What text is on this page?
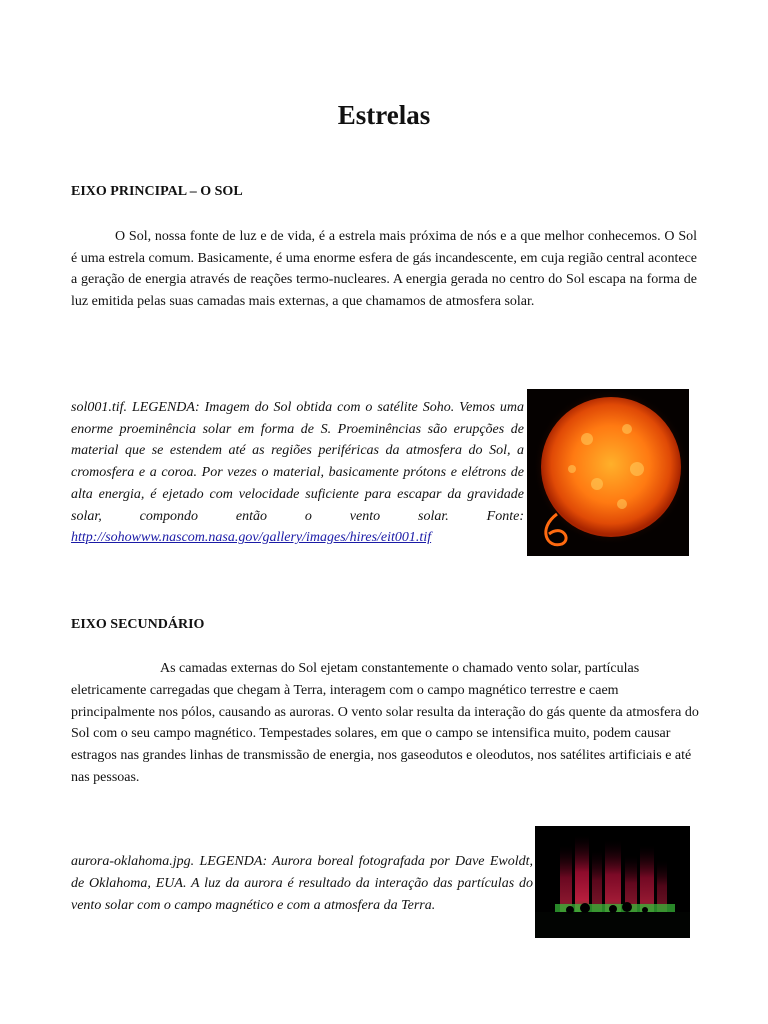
Estrelas
EIXO PRINCIPAL – O SOL

O Sol, nossa fonte de luz e de vida, é a estrela mais próxima de nós e a que melhor conhecemos. O Sol é uma estrela comum. Basicamente, é uma enorme esfera de gás incandescente, em cuja região central acontece a geração de energia através de reações termo-nucleares. A energia gerada no centro do Sol escapa na forma de luz emitida pelas suas camadas mais externas, a que chamamos de atmosfera solar.

sol001.tif. LEGENDA: Imagem do Sol obtida com o satélite Soho. Vemos uma enorme proeminência solar em forma de S. Proeminências são erupções de material que se estendem até as regiões periféricas da atmosfera do Sol, a cromosfera e a coroa. Por vezes o material, basicamente prótons e elétrons de alta energia, é ejetado com velocidade suficiente para escapar da gravidade solar, compondo então o vento solar. Fonte: http://sohowww.nascom.nasa.gov/gallery/images/hires/eit001.tif

EIXO SECUNDÁRIO

As camadas externas do Sol ejetam constantemente o chamado vento solar, partículas eletricamente carregadas que chegam à Terra, interagem com o campo magnético terrestre e caem principalmente nos pólos, causando as auroras. O vento solar resulta da interação do gás quente da atmosfera do Sol com o seu campo magnético. Tempestades solares, em que o campo se intensifica muito, podem causar estragos nas grandes linhas de transmissão de energia, nos gaseodutos e oleodutos, nos satélites artificiais e até nas pessoas.

aurora-oklahoma.jpg. LEGENDA: Aurora boreal fotografada por Dave Ewoldt, de Oklahoma, EUA. A luz da aurora é resultado da interação das partículas do vento solar com o campo magnético e com a atmosfera da Terra.
